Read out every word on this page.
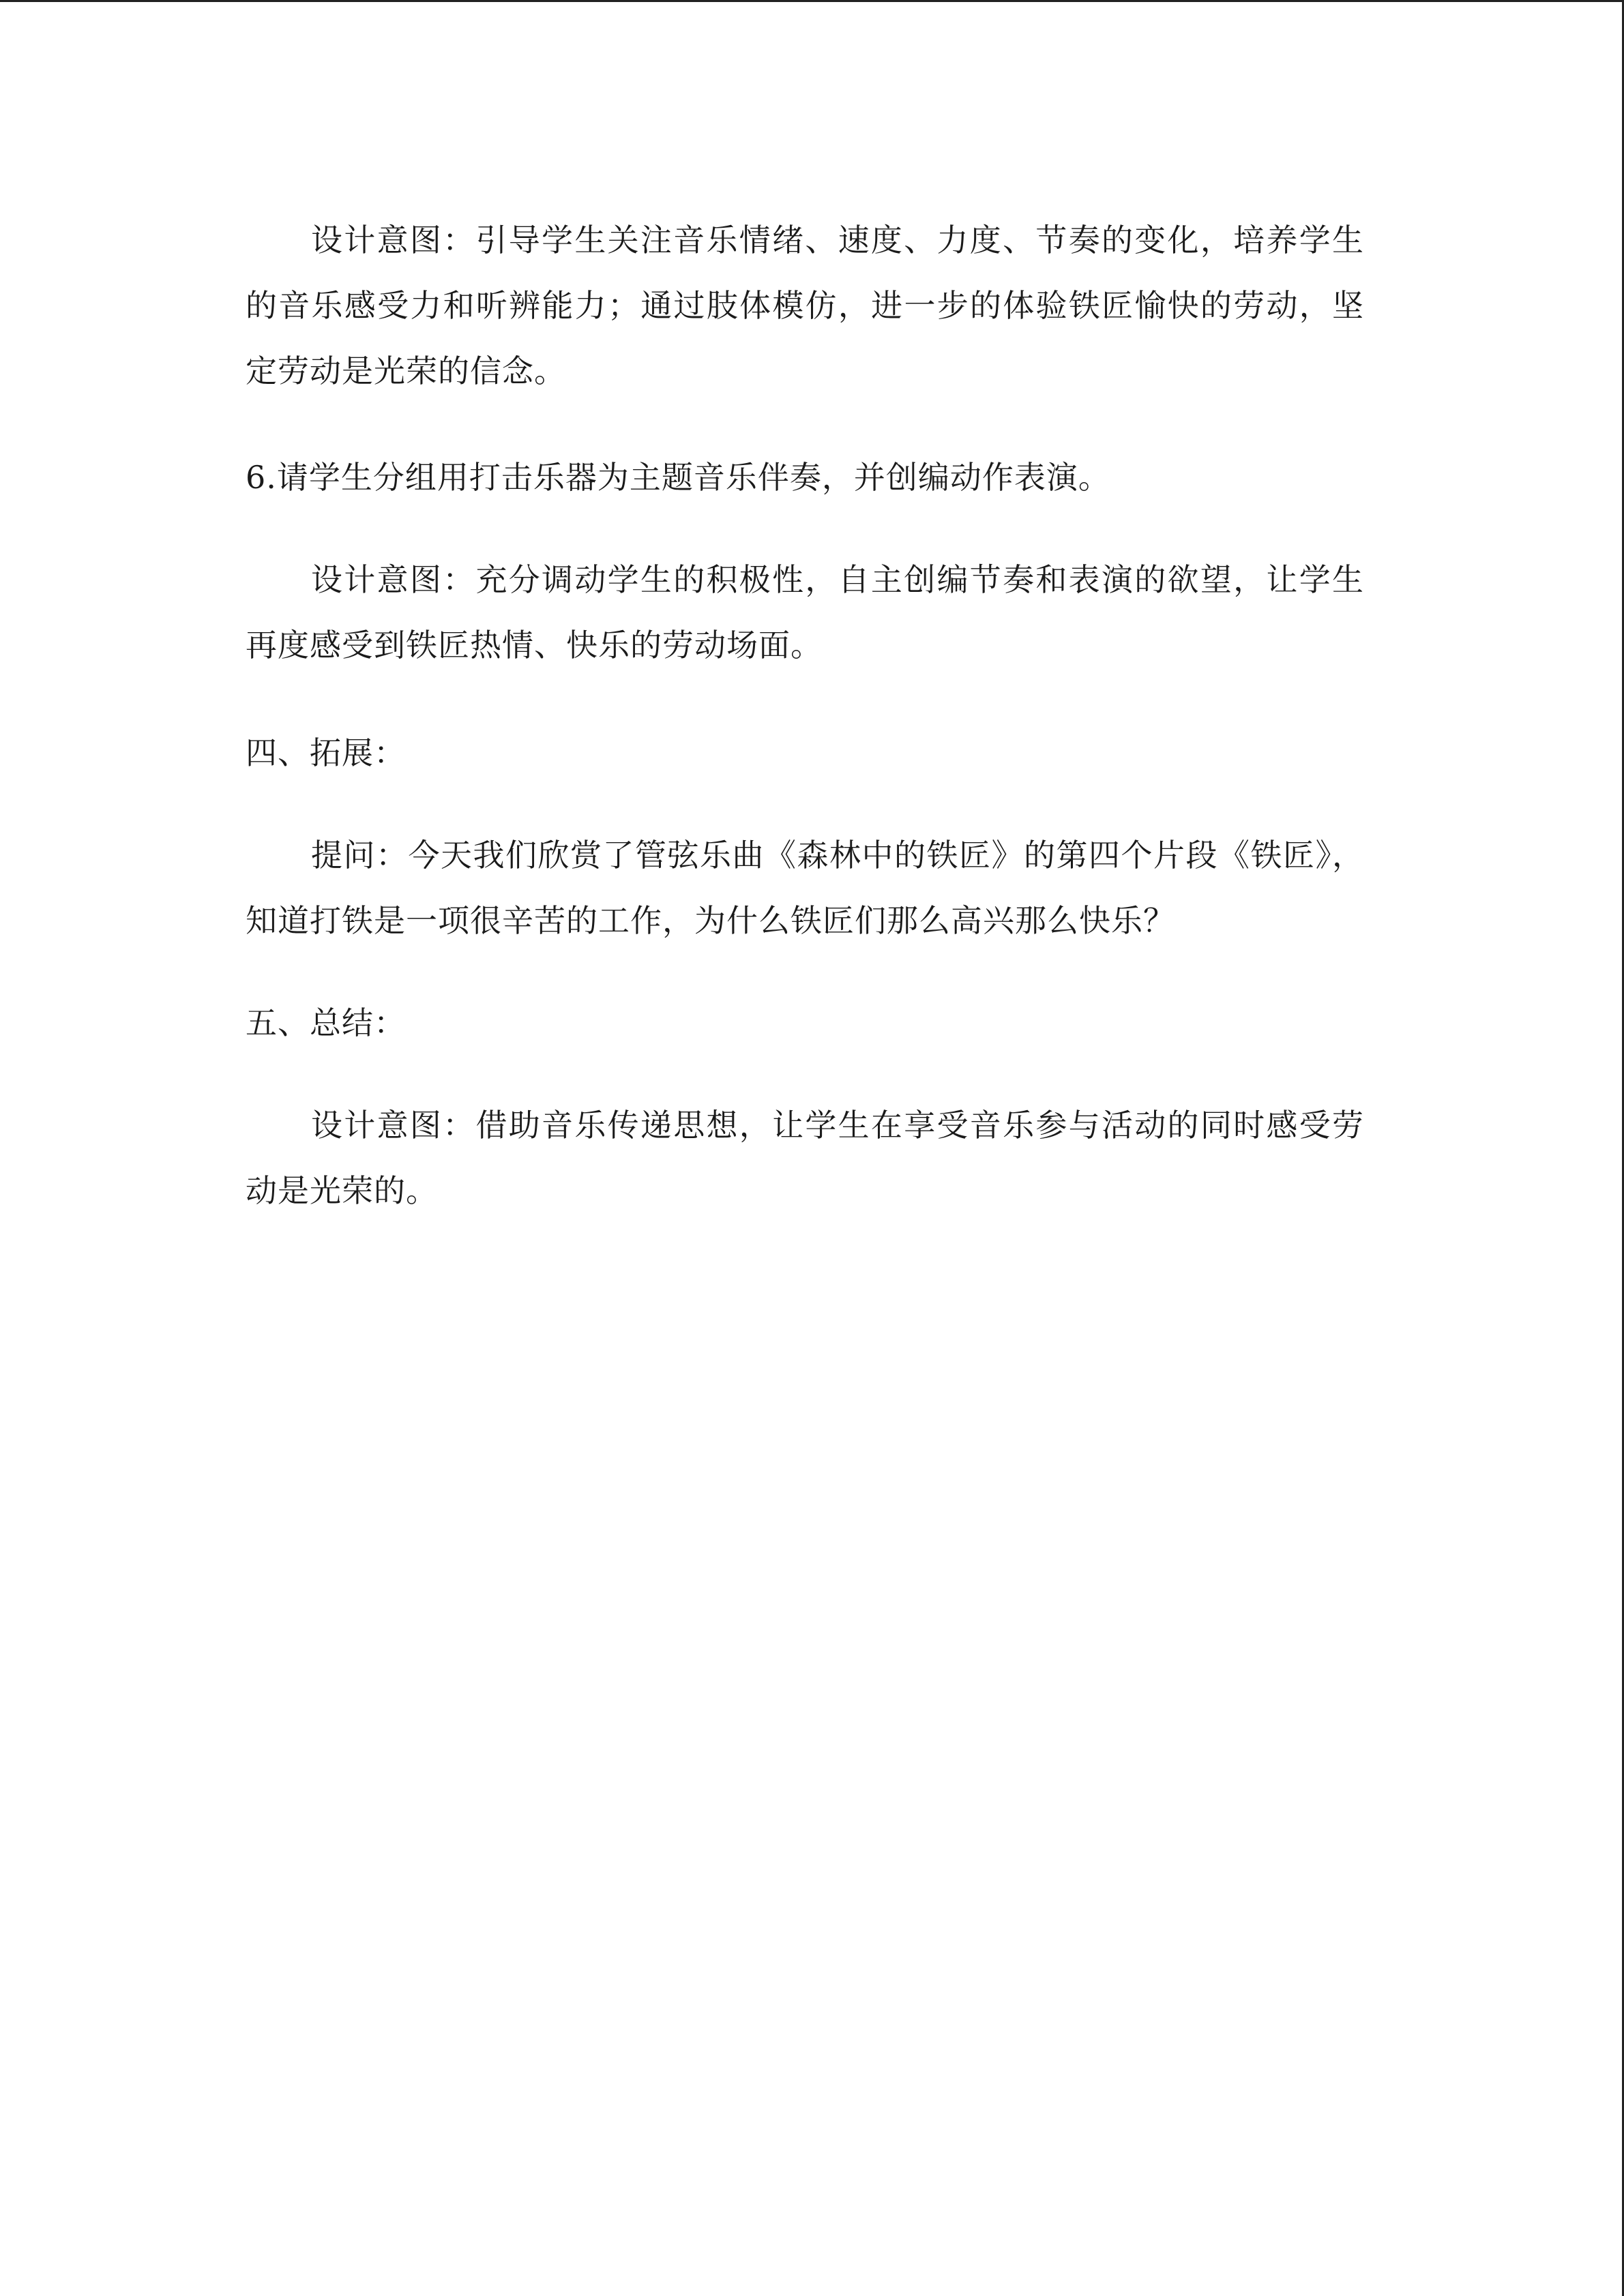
设计意图：引导学生关注音乐情绪、速度、力度、节奏的变化，培养学生的音乐感受力和听辨能力；通过肢体模仿，进一步的体验铁匠愉快的劳动，坚定劳动是光荣的信念。

6.请学生分组用打击乐器为主题音乐伴奏，并创编动作表演。

设计意图：充分调动学生的积极性，自主创编节奏和表演的欲望，让学生再度感受到铁匠热情、快乐的劳动场面。

四、拓展：

提问：今天我们欣赏了管弦乐曲《森林中的铁匠》的第四个片段《铁匠》，知道打铁是一项很辛苦的工作，为什么铁匠们那么高兴那么快乐？

五、总结：

设计意图：借助音乐传递思想，让学生在享受音乐参与活动的同时感受劳动是光荣的。
